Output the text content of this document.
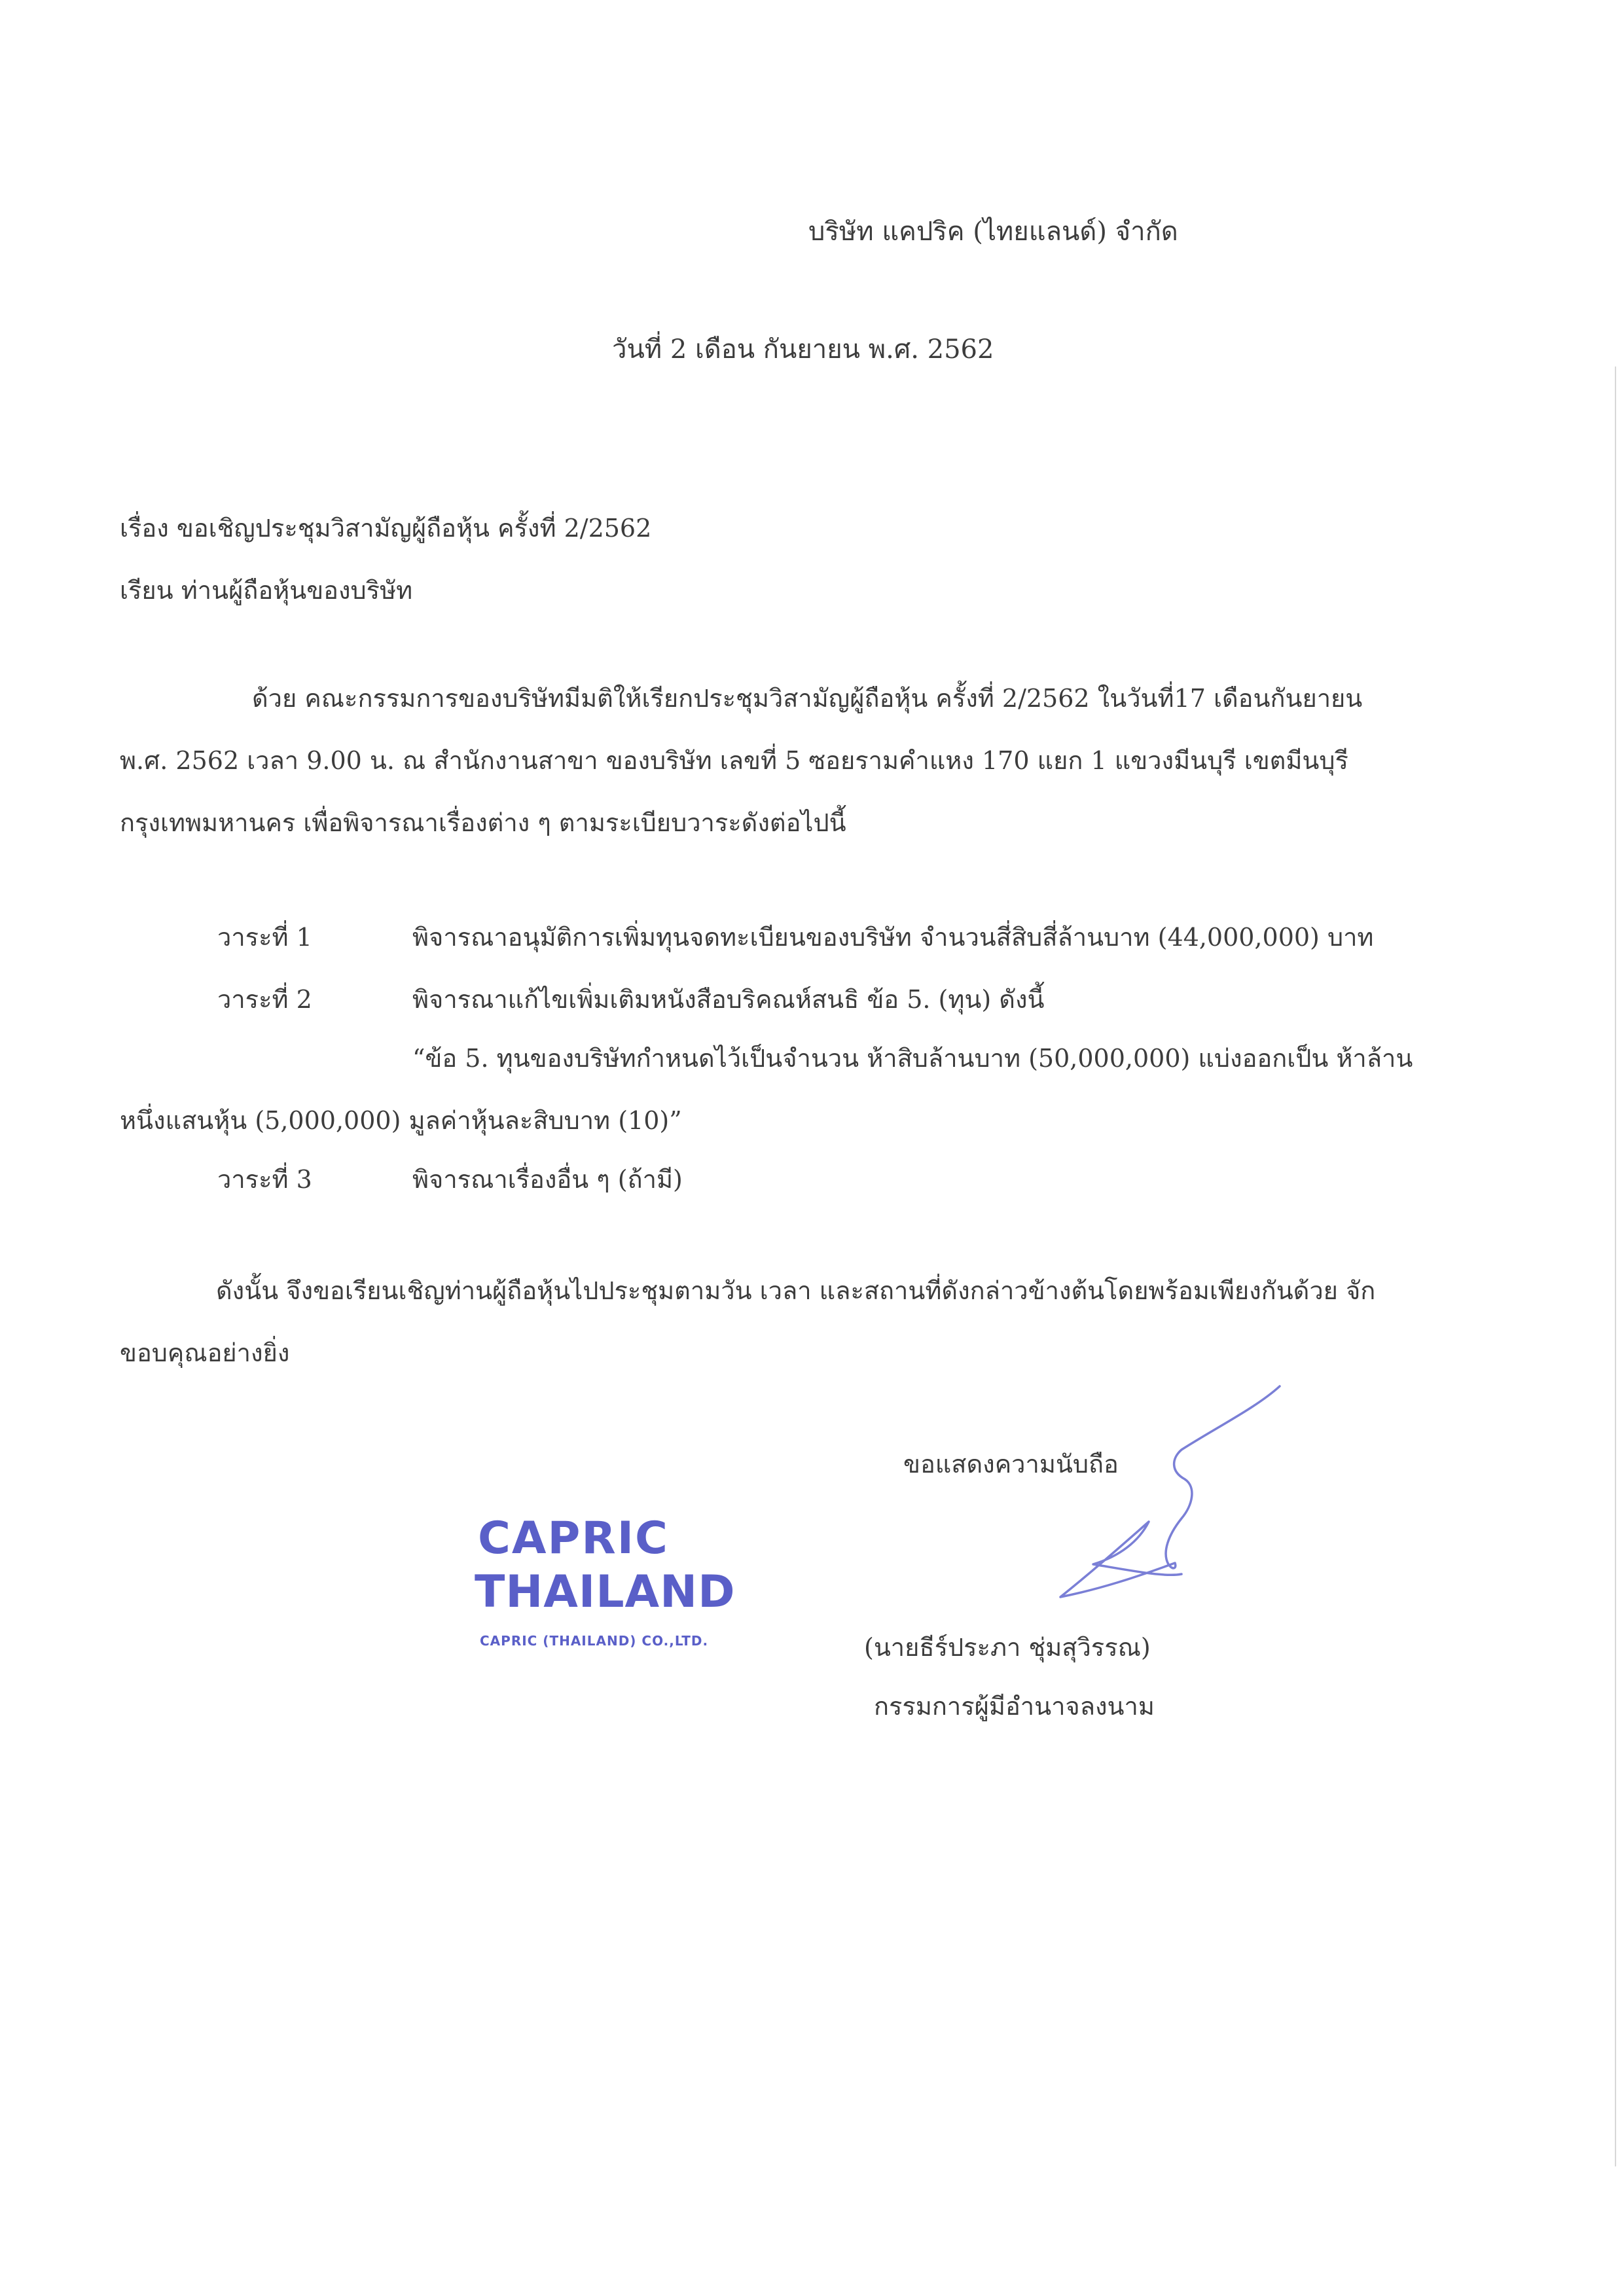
บริษัท แคปริค (ไทยแลนด์) จำกัด
วันที่ 2 เดือน กันยายน พ.ศ. 2562
เรื่อง ขอเชิญประชุมวิสามัญผู้ถือหุ้น ครั้งที่ 2/2562
เรียน ท่านผู้ถือหุ้นของบริษัท
ด้วย คณะกรรมการของบริษัทมีมติให้เรียกประชุมวิสามัญผู้ถือหุ้น ครั้งที่ 2/2562 ในวันที่17 เดือนกันยายน
พ.ศ. 2562 เวลา 9.00 น. ณ สำนักงานสาขา ของบริษัท เลขที่ 5 ซอยรามคำแหง 170 แยก 1 แขวงมีนบุรี เขตมีนบุรี
กรุงเทพมหานคร เพื่อพิจารณาเรื่องต่าง ๆ ตามระเบียบวาระดังต่อไปนี้
วาระที่ 1	พิจารณาอนุมัติการเพิ่มทุนจดทะเบียนของบริษัท จำนวนสี่สิบสี่ล้านบาท (44,000,000) บาท
วาระที่ 2	พิจารณาแก้ไขเพิ่มเติมหนังสือบริคณห์สนธิ ข้อ 5. (ทุน) ดังนี้
“ข้อ 5. ทุนของบริษัทกำหนดไว้เป็นจำนวน ห้าสิบล้านบาท (50,000,000) แบ่งออกเป็น ห้าล้าน
หนึ่งแสนหุ้น (5,000,000) มูลค่าหุ้นละสิบบาท (10)”
วาระที่ 3	พิจารณาเรื่องอื่น ๆ (ถ้ามี)
ดังนั้น จึงขอเรียนเชิญท่านผู้ถือหุ้นไปประชุมตามวัน เวลา และสถานที่ดังกล่าวข้างต้นโดยพร้อมเพียงกันด้วย จัก
ขอบคุณอย่างยิ่ง
ขอแสดงความนับถือ
CAPRIC
THAILAND
CAPRIC (THAILAND) CO.,LTD.	(นายธีร์ประภา ชุ่มสุวิรรณ)
กรรมการผู้มีอำนาจลงนาม
